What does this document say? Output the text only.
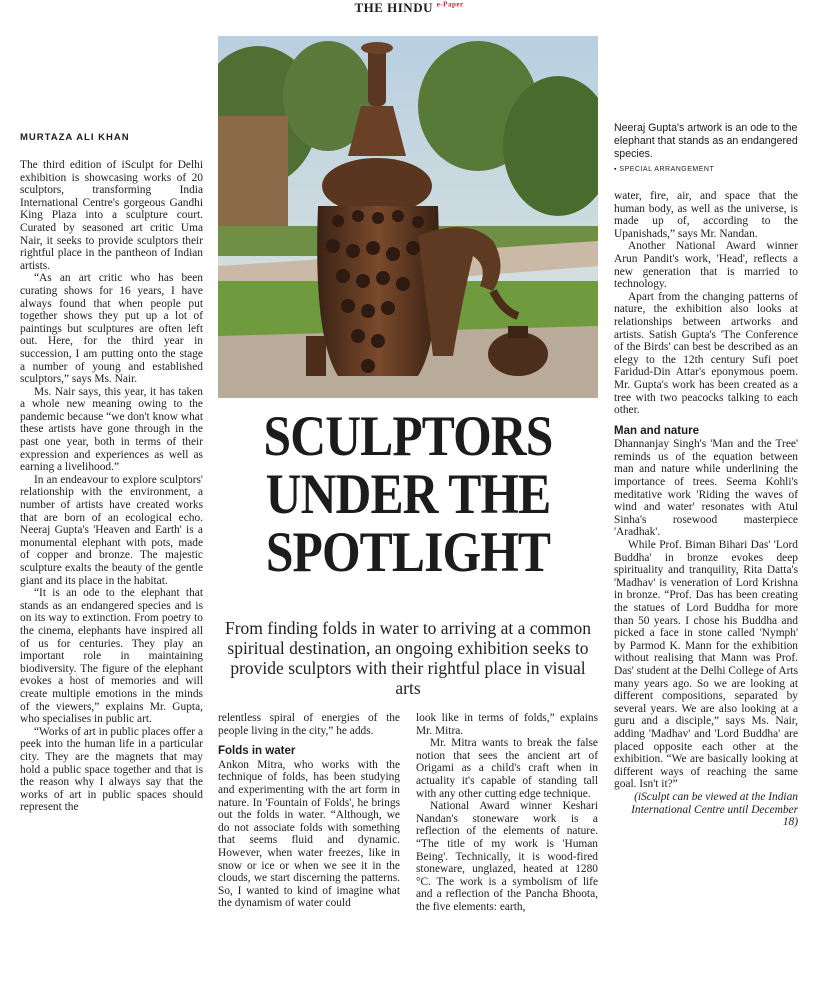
THE HINDU $^{e-Paper}$
MURTAZA ALI KHAN

The third edition of iSculpt for Delhi exhibition is showcasing works of 20 sculptors, transforming India International Centre's gorgeous Gandhi King Plaza into a sculpture court. Curated by seasoned art critic Uma Nair, it seeks to provide sculptors their rightful place in the pantheon of Indian artists.

“As an art critic who has been curating shows for 16 years, I have always found that when people put together shows they put up a lot of paintings but sculptures are often left out. Here, for the third year in succession, I am putting onto the stage a number of young and established sculptors,” says Ms. Nair.

Ms. Nair says, this year, it has taken a whole new meaning owing to the pandemic because “we don't know what these artists have gone through in the past one year, both in terms of their expression and experiences as well as earning a livelihood.”

In an endeavour to explore sculptors' relationship with the environment, a number of artists have created works that are born of an ecological echo. Neeraj Gupta's 'Heaven and Earth' is a monumental elephant with pots, made of copper and bronze. The majestic sculpture exalts the beauty of the gentle giant and its place in the habitat.

“It is an ode to the elephant that stands as an endangered species and is on its way to extinction. From poetry to the cinema, elephants have inspired all of us for centuries. They play an important role in maintaining biodiversity. The figure of the elephant evokes a host of memories and will create multiple emotions in the minds of the viewers,” explains Mr. Gupta, who specialises in public art.

“Works of art in public places offer a peek into the human life in a particular city. They are the magnets that may hold a public space together and that is the reason why I always say that the works of art in public spaces should represent the

Neeraj Gupta's artwork is an ode to the elephant that stands as an endangered species.
▪ SPECIAL ARRANGEMENT
SCULPTORS
UNDER THE
SPOTLIGHT
From finding folds in water to arriving at a common spiritual destination, an ongoing exhibition seeks to provide sculptors with their rightful place in visual arts

relentless spiral of energies of the people living in the city,” he adds.

Folds in water

Ankon Mitra, who works with the technique of folds, has been studying and experimenting with the art form in nature. In 'Fountain of Folds', he brings out the folds in water. “Although, we do not associate folds with something that seems fluid and dynamic. However, when water freezes, like in snow or ice or when we see it in the clouds, we start discerning the patterns. So, I wanted to kind of imagine what the dynamism of water could

look like in terms of folds,” explains Mr. Mitra.

Mr. Mitra wants to break the false notion that sees the ancient art of Origami as a child's craft when in actuality it's capable of standing tall with any other cutting edge technique.

National Award winner Keshari Nandan's stoneware work is a reflection of the elements of nature. “The title of my work is 'Human Being'. Technically, it is wood-fired stoneware, unglazed, heated at 1280 °C. The work is a symbolism of life and a reflection of the Pancha Bhoota, the five elements: earth,

water, fire, air, and space that the human body, as well as the universe, is made up of, according to the Upanishads,” says Mr. Nandan.

Another National Award winner Arun Pandit's work, 'Head', reflects a new generation that is married to technology.

Apart from the changing patterns of nature, the exhibition also looks at relationships between artworks and artists. Satish Gupta's 'The Conference of the Birds' can best be described as an elegy to the 12th century Sufi poet Faridud-Din Attar's eponymous poem. Mr. Gupta's work has been created as a tree with two peacocks talking to each other.

Man and nature

Dhannanjay Singh's 'Man and the Tree' reminds us of the equation between man and nature while underlining the importance of trees. Seema Kohli's meditative work 'Riding the waves of wind and water' resonates with Atul Sinha's rosewood masterpiece 'Aradhak'.

While Prof. Biman Bihari Das' 'Lord Buddha' in bronze evokes deep spirituality and tranquility, Rita Datta's 'Madhav' is veneration of Lord Krishna in bronze. “Prof. Das has been creating the statues of Lord Buddha for more than 50 years. I chose his Buddha and picked a face in stone called 'Nymph' by Parmod K. Mann for the exhibition without realising that Mann was Prof. Das' student at the Delhi College of Arts many years ago. So we are looking at different compositions, separated by several years. We are also looking at a guru and a disciple,” says Ms. Nair, adding 'Madhav' and 'Lord Buddha' are placed opposite each other at the exhibition. “We are basically looking at different ways of reaching the same goal. Isn't it?”

(iSculpt can be viewed at the Indian International Centre until December 18)
